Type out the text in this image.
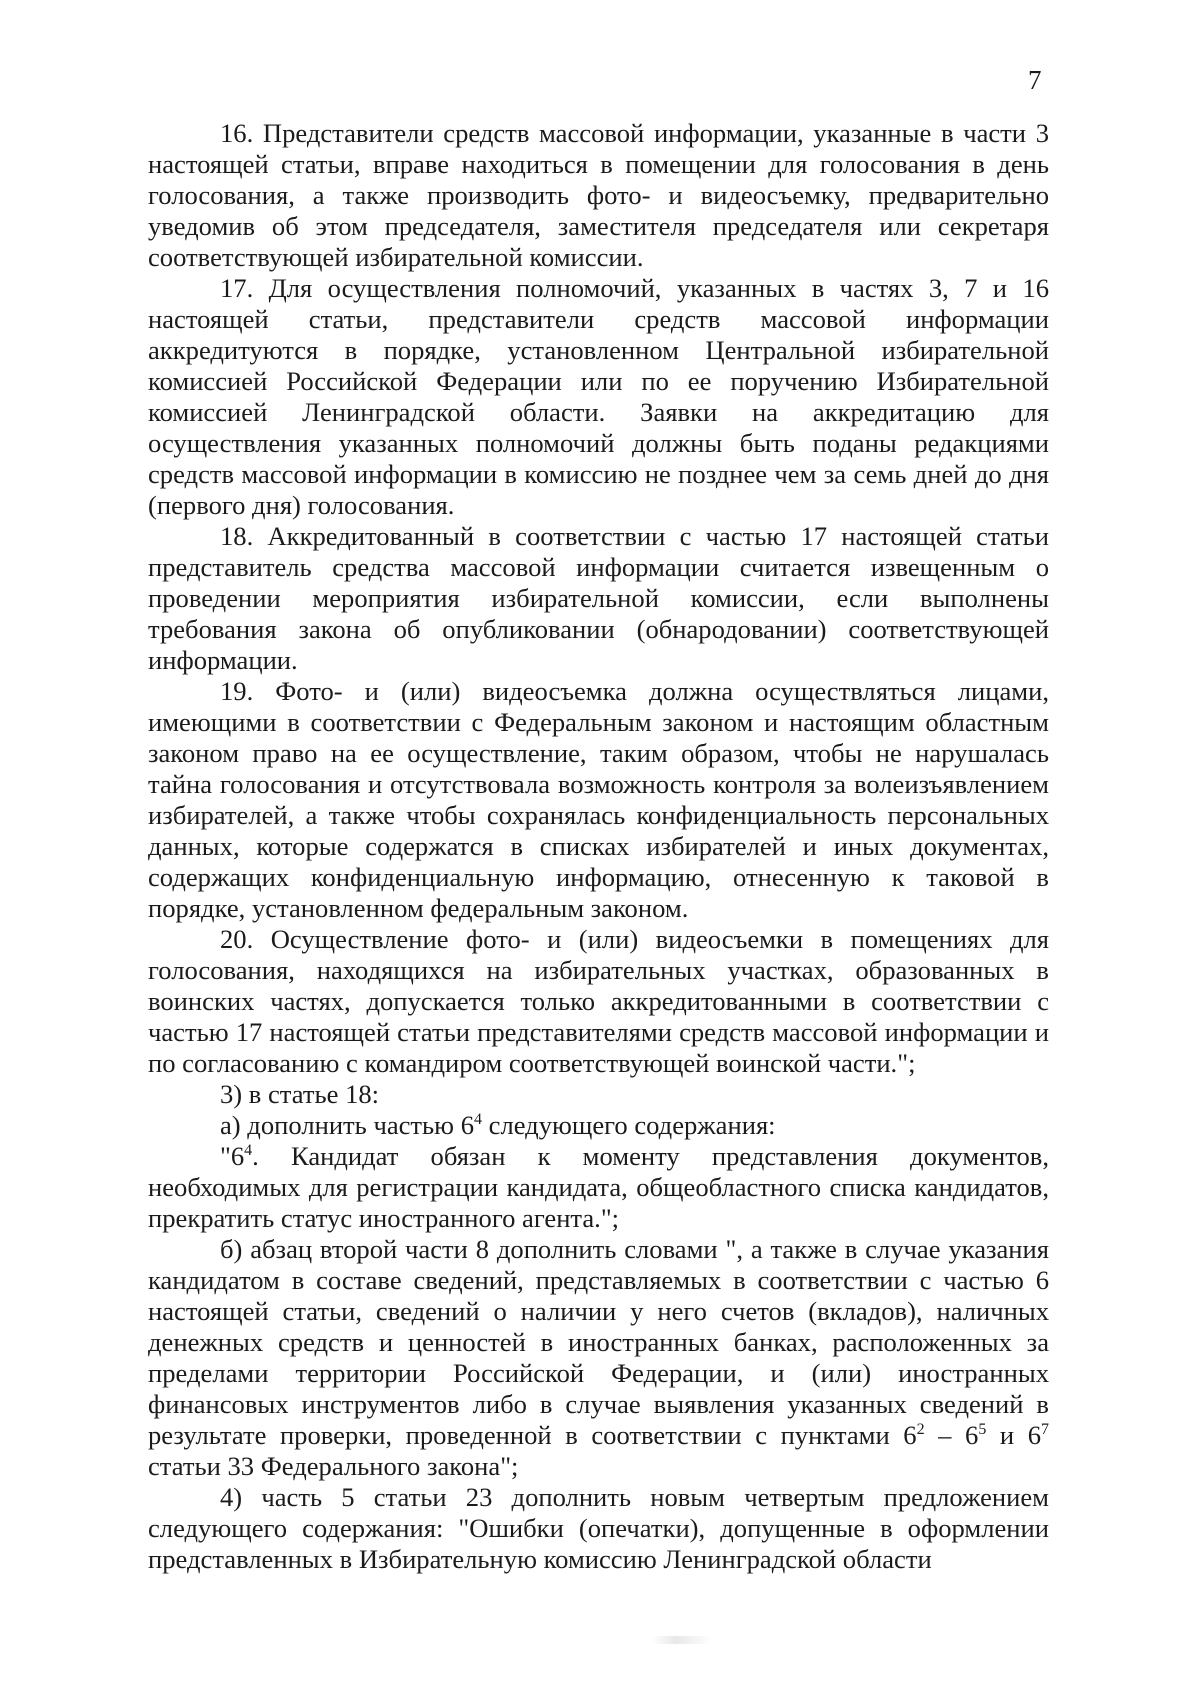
7

16. Представители средств массовой информации, указанные в части 3 настоящей статьи, вправе находиться в помещении для голосования в день голосования, а также производить фото- и видеосъемку, предварительно уведомив об этом председателя, заместителя председателя или секретаря соответствующей избирательной комиссии.

17. Для осуществления полномочий, указанных в частях 3, 7 и 16 настоящей статьи, представители средств массовой информации аккредитуются в порядке, установленном Центральной избирательной комиссией Российской Федерации или по ее поручению Избирательной комиссией Ленинградской области. Заявки на аккредитацию для осуществления указанных полномочий должны быть поданы редакциями средств массовой информации в комиссию не позднее чем за семь дней до дня (первого дня) голосования.

18. Аккредитованный в соответствии с частью 17 настоящей статьи представитель средства массовой информации считается извещенным о проведении мероприятия избирательной комиссии, если выполнены требования закона об опубликовании (обнародовании) соответствующей информации.

19. Фото- и (или) видеосъемка должна осуществляться лицами, имеющими в соответствии с Федеральным законом и настоящим областным законом право на ее осуществление, таким образом, чтобы не нарушалась тайна голосования и отсутствовала возможность контроля за волеизъявлением избирателей, а также чтобы сохранялась конфиденциальность персональных данных, которые содержатся в списках избирателей и иных документах, содержащих конфиденциальную информацию, отнесенную к таковой в порядке, установленном федеральным законом.

20. Осуществление фото- и (или) видеосъемки в помещениях для голосования, находящихся на избирательных участках, образованных в воинских частях, допускается только аккредитованными в соответствии с частью 17 настоящей статьи представителями средств массовой информации и по согласованию с командиром соответствующей воинской части.";

3) в статье 18:

а) дополнить частью $6^4$ следующего содержания:

"$6^4$. Кандидат обязан к моменту представления документов, необходимых для регистрации кандидата, общеобластного списка кандидатов, прекратить статус иностранного агента.";

б) абзац второй части 8 дополнить словами ", а также в случае указания кандидатом в составе сведений, представляемых в соответствии с частью 6 настоящей статьи, сведений о наличии у него счетов (вкладов), наличных денежных средств и ценностей в иностранных банках, расположенных за пределами территории Российской Федерации, и (или) иностранных финансовых инструментов либо в случае выявления указанных сведений в результате проверки, проведенной в соответствии с пунктами $6^2 - 6^5$ и $6^7$ статьи 33 Федерального закона";

4) часть 5 статьи 23 дополнить новым четвертым предложением следующего содержания: "Ошибки (опечатки), допущенные в оформлении представленных в Избирательную комиссию Ленинградской области
